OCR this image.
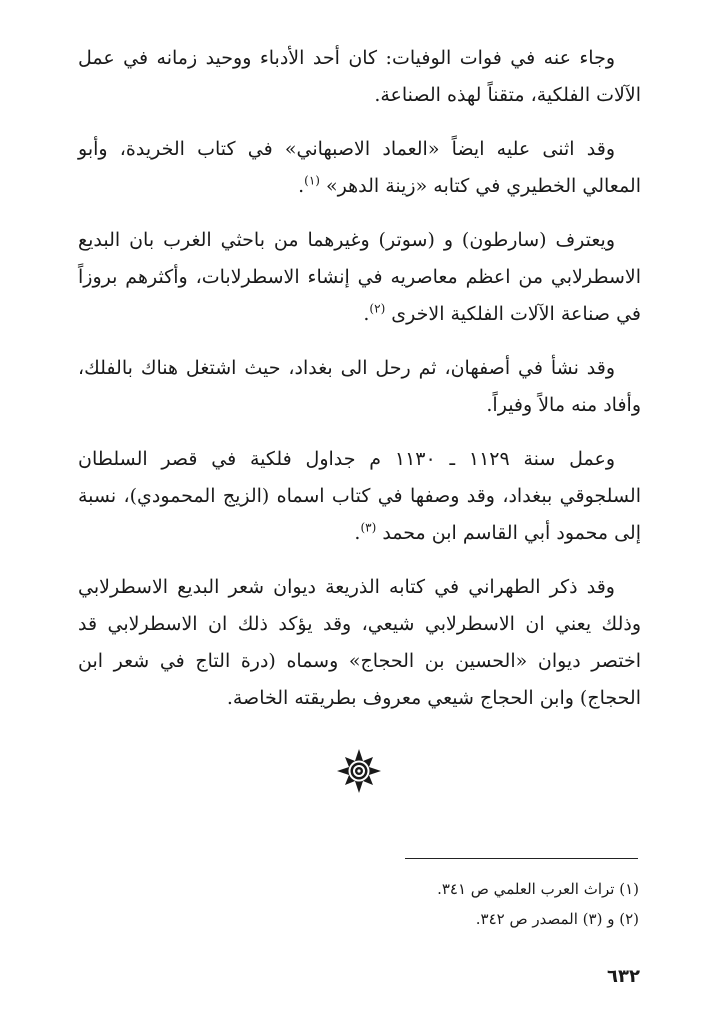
وجاء عنه في فوات الوفيات: كان أحد الأدباء ووحيد زمانه في عمل الآلات الفلكية، متقناً لهذه الصناعة.

وقد اثنى عليه ايضاً «العماد الاصبهاني» في كتاب الخريدة، وأبو المعالي الخطيري في كتابه «زينة الدهر» $^{(١)}$.

ويعترف (سارطون) و (سوتر) وغيرهما من باحثي الغرب بان البديع الاسطرلابي من اعظم معاصريه في إنشاء الاسطرلابات، وأكثرهم بروزاً في صناعة الآلات الفلكية الاخرى $^{(٢)}$.

وقد نشأ في أصفهان، ثم رحل الى بغداد، حيث اشتغل هناك بالفلك، وأفاد منه مالاً وفيراً.

وعمل سنة ١١٢٩ ـ ١١٣٠ م جداول فلكية في قصر السلطان السلجوقي ببغداد، وقد وصفها في كتاب اسماه (الزيج المحمودي)، نسبة إلى محمود أبي القاسم ابن محمد $^{(٣)}$.

وقد ذكر الطهراني في كتابه الذريعة ديوان شعر البديع الاسطرلابي وذلك يعني ان الاسطرلابي شيعي، وقد يؤكد ذلك ان الاسطرلابي قد اختصر ديوان «الحسين بن الحجاج» وسماه (درة التاج في شعر ابن الحجاج) وابن الحجاج شيعي معروف بطريقته الخاصة.

(١) تراث العرب العلمي ص ٣٤١.

(٢) و (٣) المصدر ص ٣٤٢.

٦٣٢
